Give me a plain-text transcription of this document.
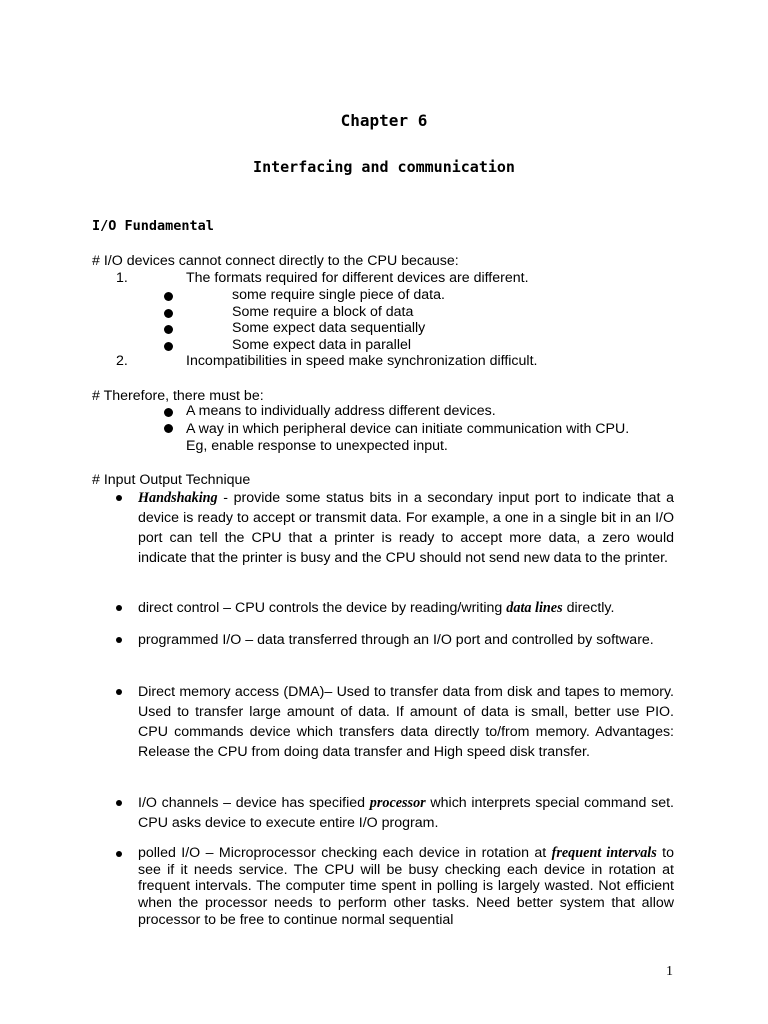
Chapter 6
Interfacing and communication
I/O Fundamental
# I/O devices cannot connect directly to the CPU because:
1.	The formats required for different devices are different.
some require single piece of data.
Some require a block of data
Some expect data sequentially
Some expect data in parallel
2.	Incompatibilities in speed make synchronization difficult.
# Therefore, there must be:
A means to individually address different devices.
A way in which peripheral device can initiate communication with CPU.
Eg, enable response to unexpected input.
# Input Output Technique
Handshaking - provide some status bits in a secondary input port to indicate that a device is ready to accept or transmit data. For example, a one in a single bit in an I/O port can tell the CPU that a printer is ready to accept more data, a zero would indicate that the printer is busy and the CPU should not send new data to the printer.
direct control – CPU controls the device by reading/writing data lines directly.
programmed I/O – data transferred through an I/O port and controlled by software.
Direct memory access (DMA)– Used to transfer data from disk and tapes to memory. Used to transfer large amount of data. If amount of data is small, better use PIO. CPU commands device which transfers data directly to/from memory. Advantages: Release the CPU from doing data transfer and High speed disk transfer.
I/O channels – device has specified processor which interprets special command set. CPU asks device to execute entire I/O program.
polled I/O – Microprocessor checking each device in rotation at frequent intervals to see if it needs service. The CPU will be busy checking each device in rotation at frequent intervals. The computer time spent in polling is largely wasted. Not efficient when the processor needs to perform other tasks. Need better system that allow processor to be free to continue normal sequential
1
